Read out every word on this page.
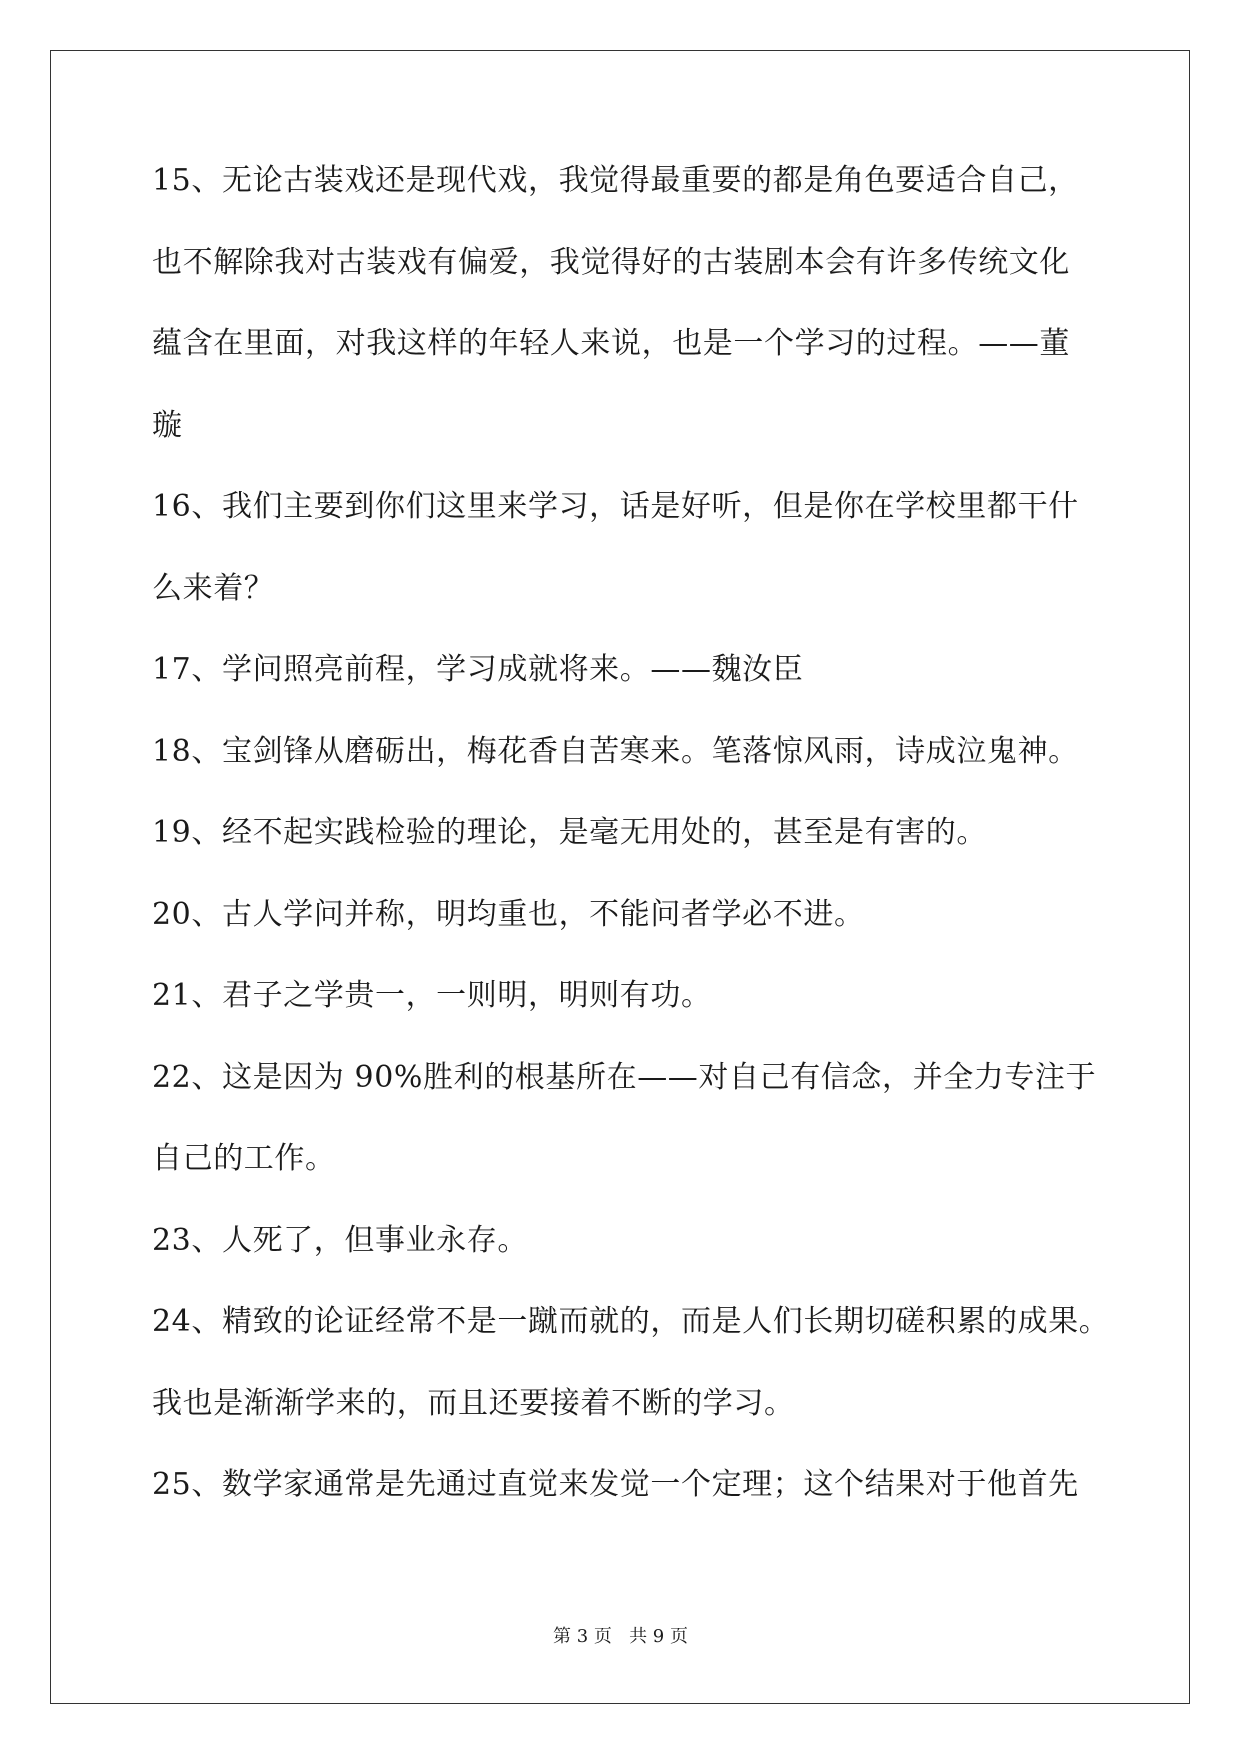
15、无论古装戏还是现代戏，我觉得最重要的都是角色要适合自己，
也不解除我对古装戏有偏爱，我觉得好的古装剧本会有许多传统文化
蕴含在里面，对我这样的年轻人来说，也是一个学习的过程。——董
璇
16、我们主要到你们这里来学习，话是好听，但是你在学校里都干什
么来着？
17、学问照亮前程，学习成就将来。——魏汝臣
18、宝剑锋从磨砺出，梅花香自苦寒来。笔落惊风雨，诗成泣鬼神。
19、经不起实践检验的理论，是毫无用处的，甚至是有害的。
20、古人学问并称，明均重也，不能问者学必不进。
21、君子之学贵一，一则明，明则有功。
22、这是因为 90%胜利的根基所在——对自己有信念，并全力专注于
自己的工作。
23、人死了，但事业永存。
24、精致的论证经常不是一蹴而就的，而是人们长期切磋积累的成果。
我也是渐渐学来的，而且还要接着不断的学习。
25、数学家通常是先通过直觉来发觉一个定理；这个结果对于他首先
第 3 页 共 9 页
